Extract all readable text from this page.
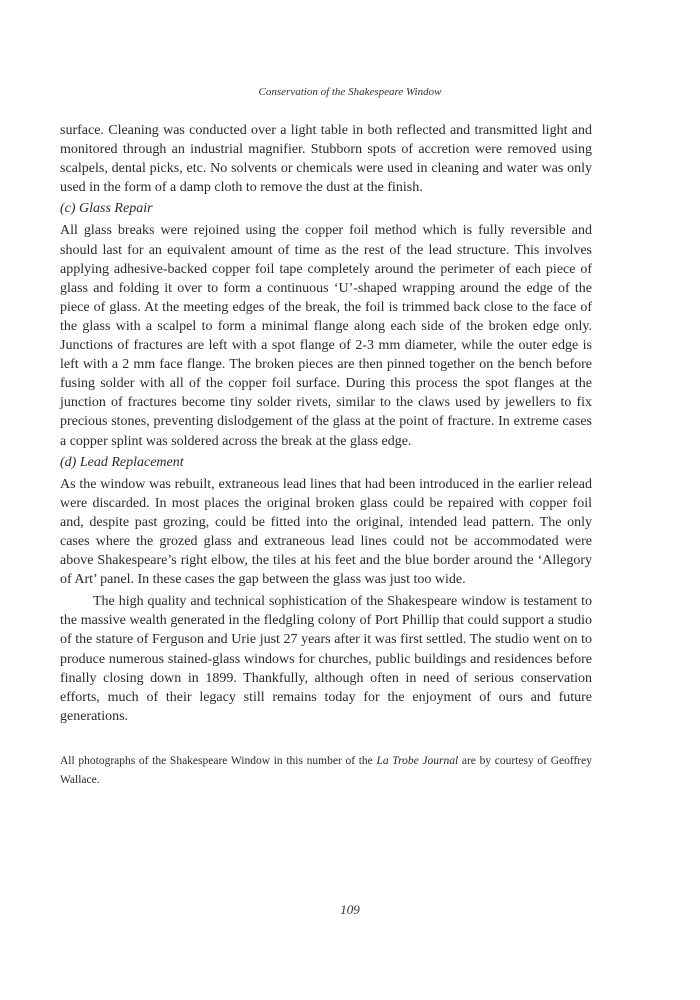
Conservation of the Shakespeare Window

surface. Cleaning was conducted over a light table in both reflected and transmitted light and monitored through an industrial magnifier. Stubborn spots of accretion were removed using scalpels, dental picks, etc. No solvents or chemicals were used in cleaning and water was only used in the form of a damp cloth to remove the dust at the finish.

(c) Glass Repair

All glass breaks were rejoined using the copper foil method which is fully reversible and should last for an equivalent amount of time as the rest of the lead structure. This involves applying adhesive-backed copper foil tape completely around the perimeter of each piece of glass and folding it over to form a continuous ‘U’-shaped wrapping around the edge of the piece of glass. At the meeting edges of the break, the foil is trimmed back close to the face of the glass with a scalpel to form a minimal flange along each side of the broken edge only. Junctions of fractures are left with a spot flange of 2-3 mm diameter, while the outer edge is left with a 2 mm face flange. The broken pieces are then pinned together on the bench before fusing solder with all of the copper foil surface. During this process the spot flanges at the junction of fractures become tiny solder rivets, similar to the claws used by jewellers to fix precious stones, preventing dislodgement of the glass at the point of fracture. In extreme cases a copper splint was soldered across the break at the glass edge.

(d) Lead Replacement

As the window was rebuilt, extraneous lead lines that had been introduced in the earlier relead were discarded. In most places the original broken glass could be repaired with copper foil and, despite past grozing, could be fitted into the original, intended lead pattern. The only cases where the grozed glass and extraneous lead lines could not be accommodated were above Shakespeare’s right elbow, the tiles at his feet and the blue border around the ‘Allegory of Art’ panel. In these cases the gap between the glass was just too wide.

The high quality and technical sophistication of the Shakespeare window is testament to the massive wealth generated in the fledgling colony of Port Phillip that could support a studio of the stature of Ferguson and Urie just 27 years after it was first settled. The studio went on to produce numerous stained-glass windows for churches, public buildings and residences before finally closing down in 1899. Thankfully, although often in need of serious conservation efforts, much of their legacy still remains today for the enjoyment of ours and future generations.

All photographs of the Shakespeare Window in this number of the La Trobe Journal are by courtesy of Geoffrey Wallace.
109
